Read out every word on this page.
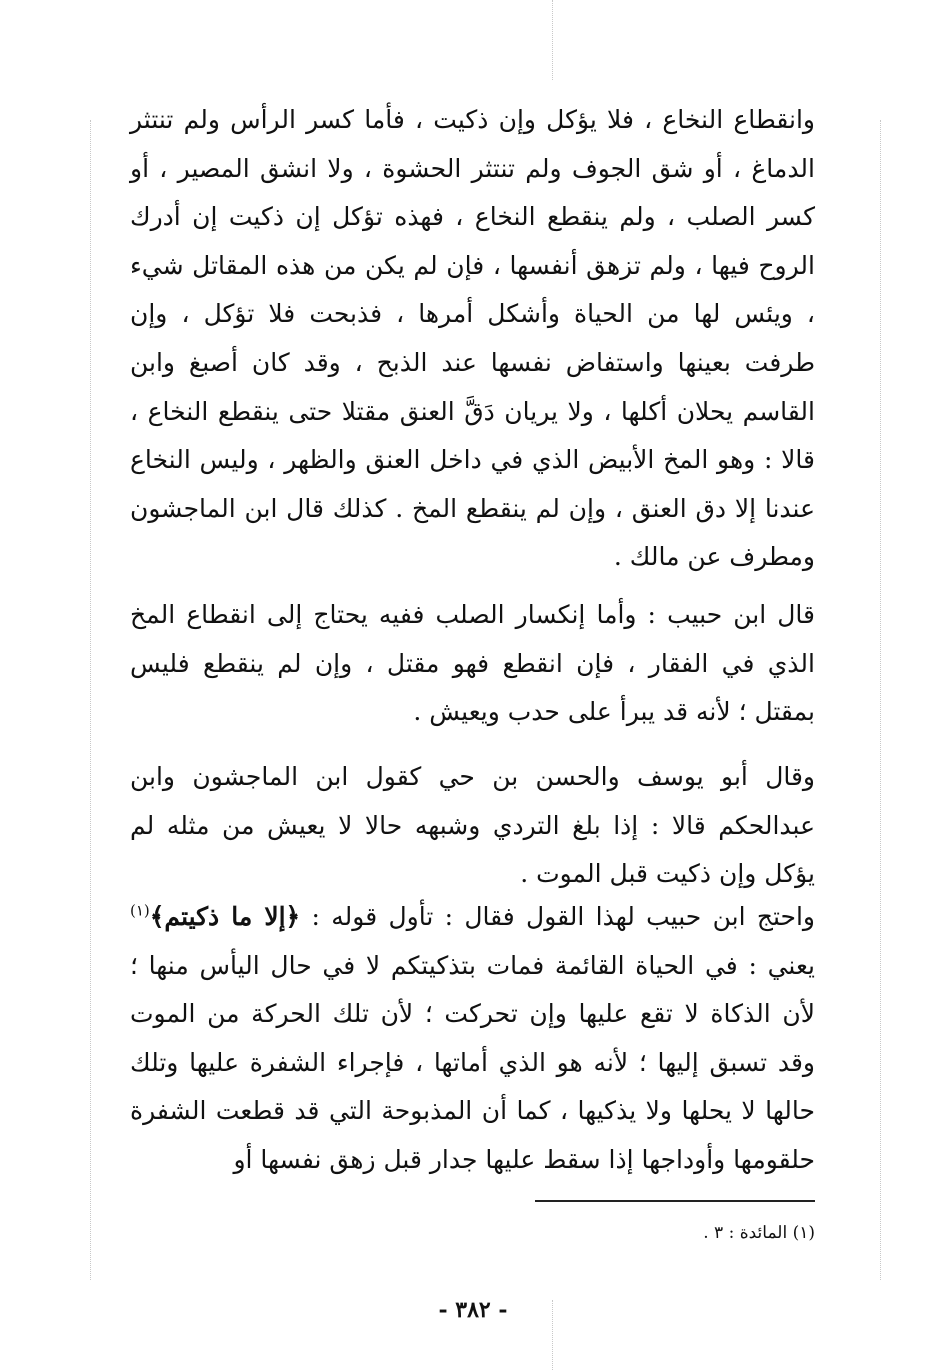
وانقطاع النخاع ، فلا يؤكل وإن ذكيت ، فأما كسر الرأس ولم تنتثر الدماغ ، أو شق الجوف ولم تنتثر الحشوة ، ولا انشق المصير ، أو كسر الصلب ، ولم ينقطع النخاع ، فهذه تؤكل إن ذكيت إن أدرك الروح فيها ، ولم تزهق أنفسها ، فإن لم يكن من هذه المقاتل شيء ، ويئس لها من الحياة وأشكل أمرها ، فذبحت فلا تؤكل ، وإن طرفت بعينها واستفاض نفسها عند الذبح ، وقد كان أصبغ وابن القاسم يحلان أكلها ، ولا يريان دَقَّ العنق مقتلا حتى ينقطع النخاع ، قالا : وهو المخ الأبيض الذي في داخل العنق والظهر ، وليس النخاع عندنا إلا دق العنق ، وإن لم ينقطع المخ . كذلك قال ابن الماجشون ومطرف عن مالك .

قال ابن حبيب : وأما إنكسار الصلب ففيه يحتاج إلى انقطاع المخ الذي في الفقار ، فإن انقطع فهو مقتل ، وإن لم ينقطع فليس بمقتل ؛ لأنه قد يبرأ على حدب ويعيش .

وقال أبو يوسف والحسن بن حي كقول ابن الماجشون وابن عبدالحكم قالا : إذا بلغ التردي وشبهه حالا لا يعيش من مثله لم يؤكل وإن ذكيت قبل الموت .

واحتج ابن حبيب لهذا القول فقال : تأول قوله : ﴿إلا ما ذكيتم﴾$^{(١)}$ يعني : في الحياة القائمة فمات بتذكيتكم لا في حال اليأس منها ؛ لأن الذكاة لا تقع عليها وإن تحركت ؛ لأن تلك الحركة من الموت وقد تسبق إليها ؛ لأنه هو الذي أماتها ، فإجراء الشفرة عليها وتلك حالها لا يحلها ولا يذكيها ، كما أن المذبوحة التي قد قطعت الشفرة حلقومها وأوداجها إذا سقط عليها جدار قبل زهق نفسها أو

(١) المائدة : ٣ .
- ٣٨٢ -
